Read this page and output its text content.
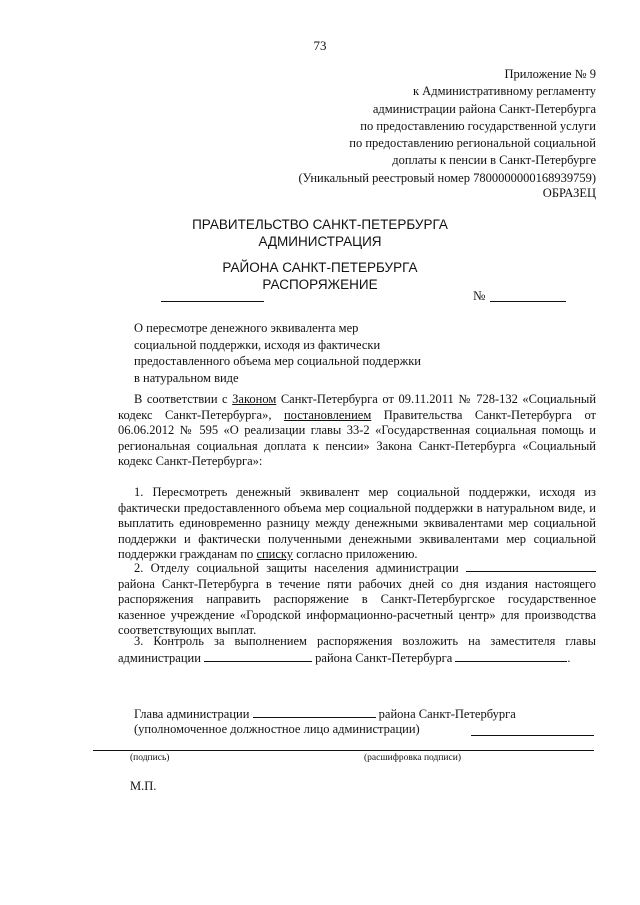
73
Приложение № 9
к Административному регламенту
администрации района Санкт-Петербурга
по предоставлению государственной услуги
по предоставлению региональной социальной
доплаты к пенсии в Санкт-Петербурге
(Уникальный реестровый номер 7800000000168939759)
ОБРАЗЕЦ
ПРАВИТЕЛЬСТВО САНКТ-ПЕТЕРБУРГА
АДМИНИСТРАЦИЯ
РАЙОНА САНКТ-ПЕТЕРБУРГА
РАСПОРЯЖЕНИЕ
№
О пересмотре денежного эквивалента мер
социальной поддержки, исходя из фактически
предоставленного объема мер социальной поддержки
в натуральном виде
В соответствии с Законом Санкт-Петербурга от 09.11.2011 № 728-132 «Социальный кодекс Санкт-Петербурга», постановлением Правительства Санкт-Петербурга от 06.06.2012 № 595 «О реализации главы 33-2 «Государственная социальная помощь и региональная социальная доплата к пенсии» Закона Санкт-Петербурга «Социальный кодекс Санкт-Петербурга»:
1. Пересмотреть денежный эквивалент мер социальной поддержки, исходя из фактически предоставленного объема мер социальной поддержки в натуральном виде, и выплатить единовременно разницу между денежными эквивалентами мер социальной поддержки и фактически полученными денежными эквивалентами мер социальной поддержки гражданам по списку согласно приложению.
2. Отделу социальной защиты населения администрации  района Санкт-Петербурга в течение пяти рабочих дней со дня издания настоящего распоряжения направить распоряжение в Санкт-Петербургское государственное казенное учреждение «Городской информационно-расчетный центр» для производства соответствующих выплат.
3. Контроль за выполнением распоряжения возложить на заместителя главы администрации	района Санкт-Петербурга	.
Глава администрации	района Санкт-Петербурга
(уполномоченное должностное лицо администрации)
(подпись)	(расшифровка подписи)
М.П.
